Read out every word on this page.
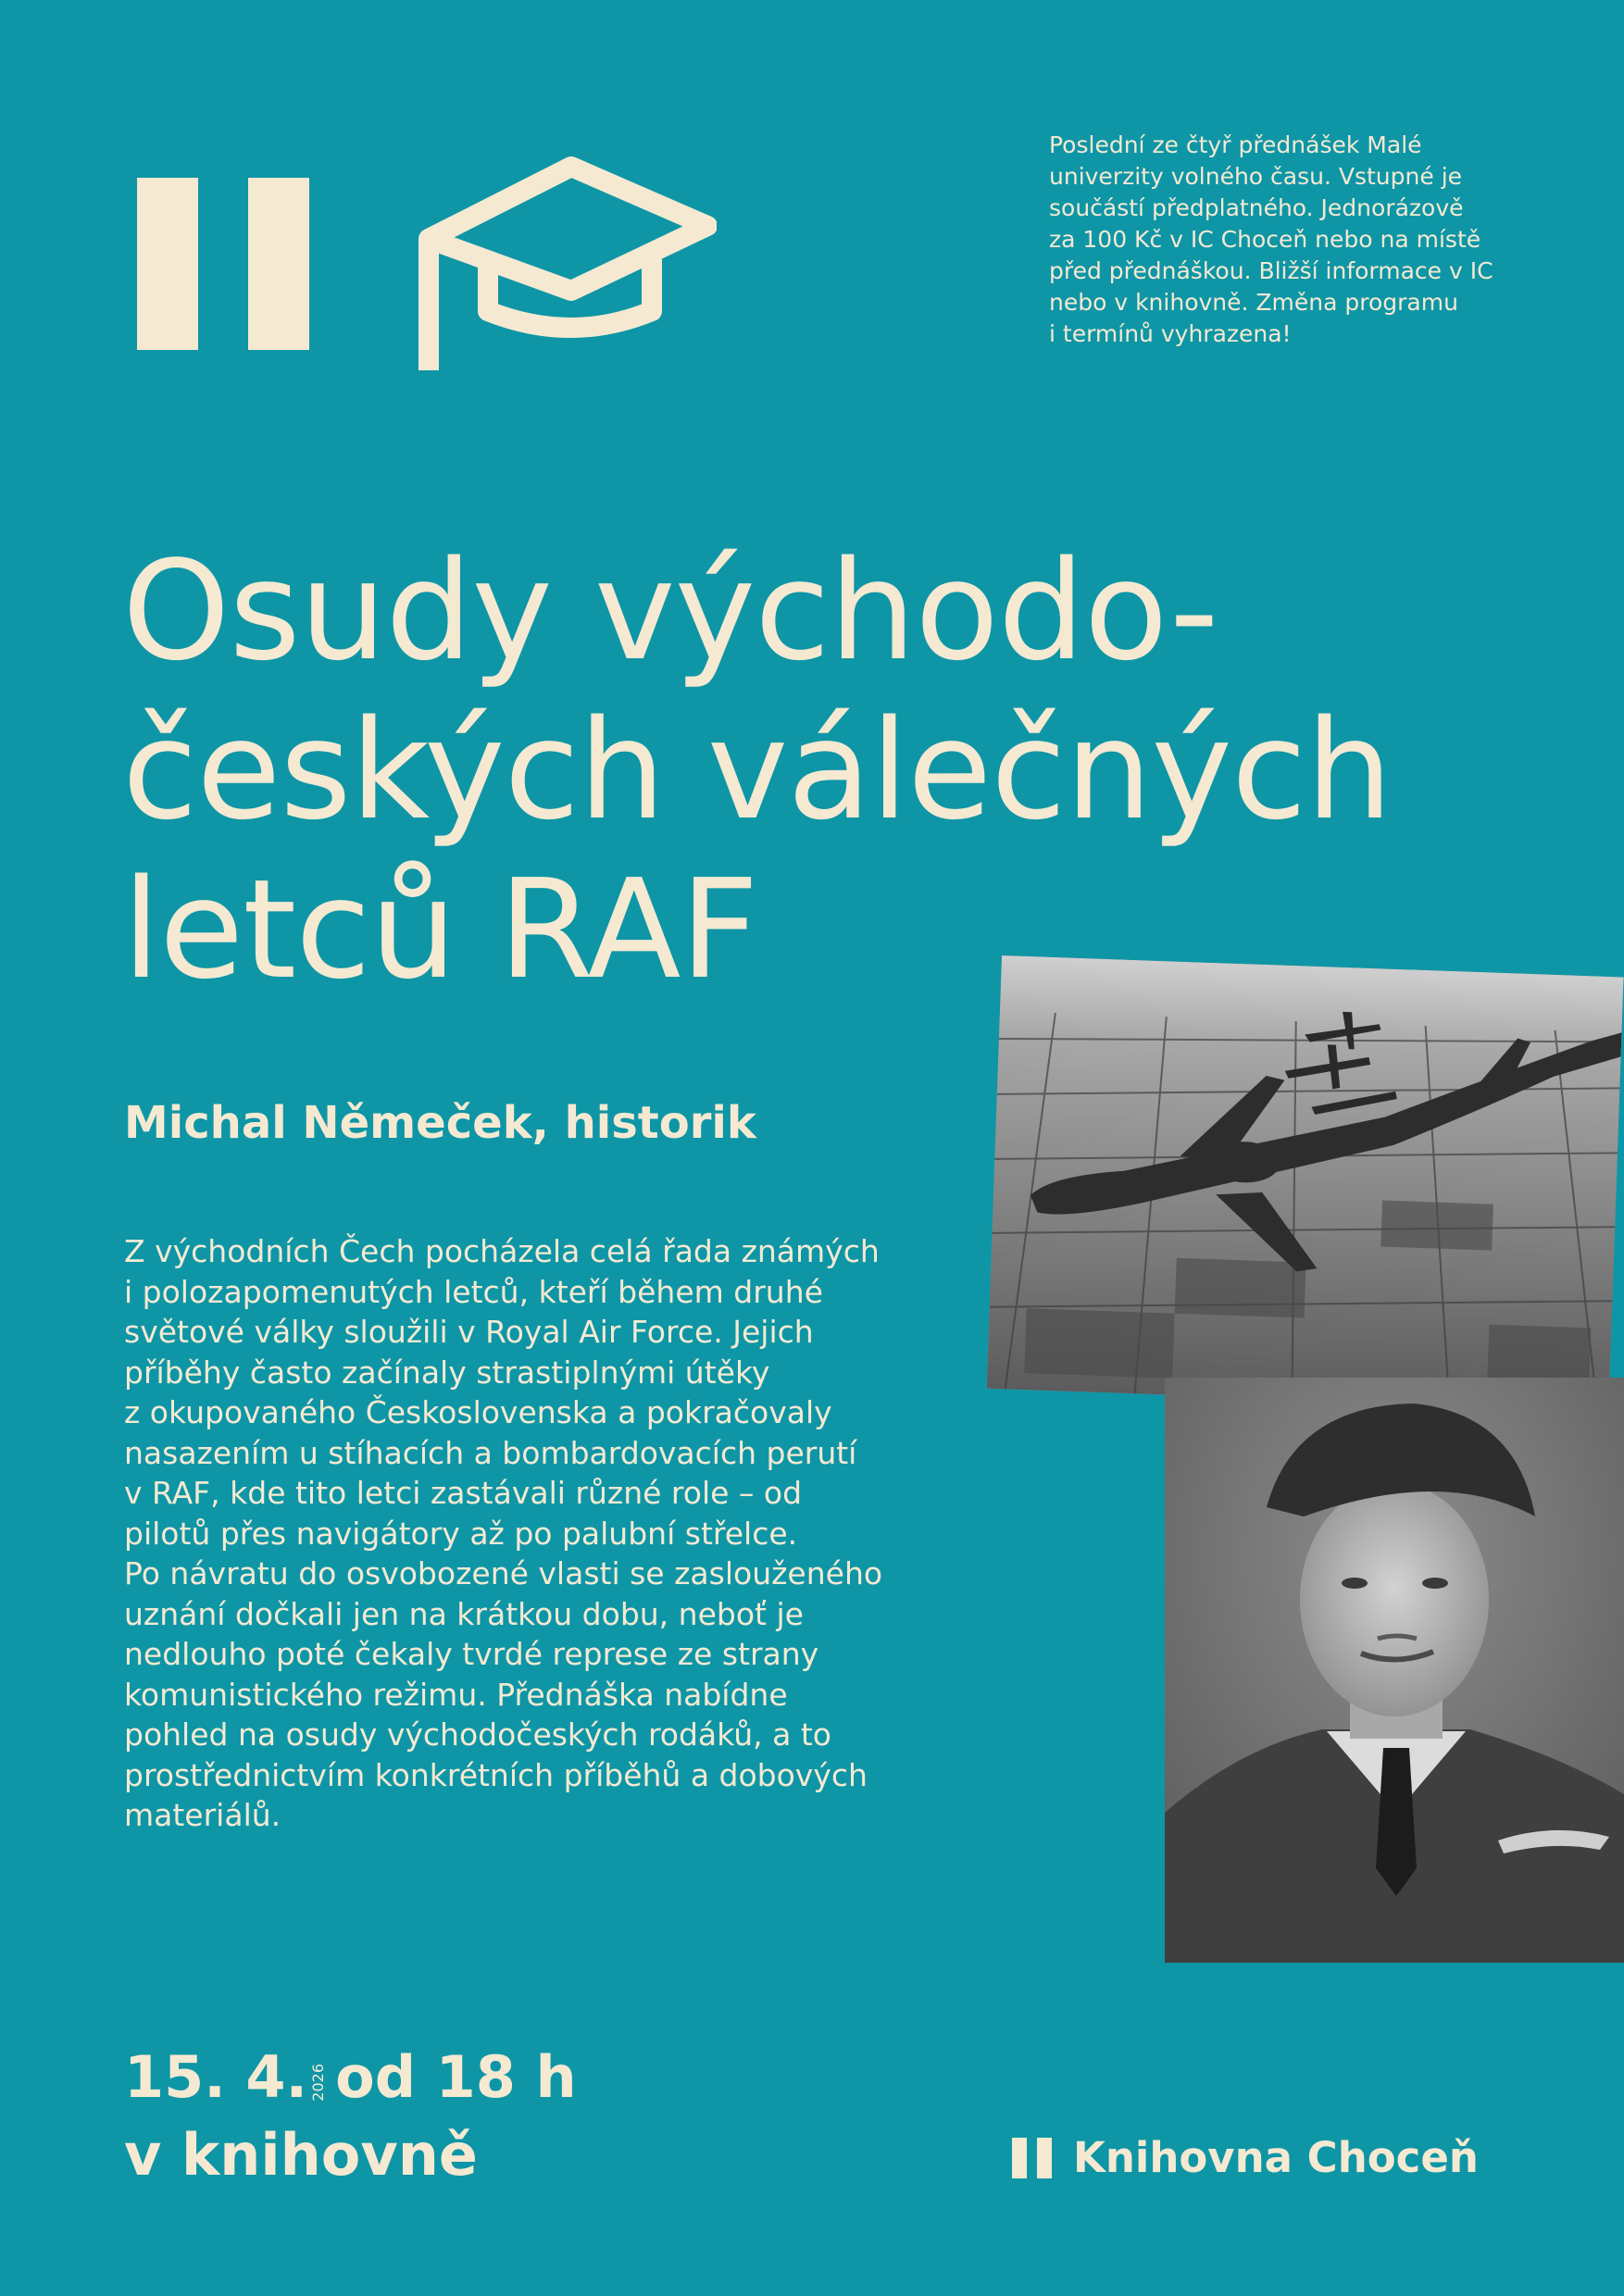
Poslední ze čtyř přednášek Malé
univerzity volného času. Vstupné je
součástí předplatného. Jednorázově
za 100 Kč v IC Choceň nebo na místě
před přednáškou. Bližší informace v IC
nebo v knihovně. Změna programu
i termínů vyhrazena!
Osudy východo-
českých válečných
letců RAF
Michal Němeček, historik
Z východních Čech pocházela celá řada známých
i polozapomenutých letců, kteří během druhé
světové války sloužili v Royal Air Force. Jejich
příběhy často začínaly strastiplnými útěky
z okupovaného Československa a pokračovaly
nasazením u stíhacích a bombardovacích perutí
v RAF, kde tito letci zastávali různé role – od
pilotů přes navigátory až po palubní střelce.
Po návratu do osvobozené vlasti se zaslouženého
uznání dočkali jen na krátkou dobu, neboť je
nedlouho poté čekaly tvrdé represe ze strany
komunistického režimu. Přednáška nabídne
pohled na osudy východočeských rodáků, a to
prostřednictvím konkrétních příběhů a dobových
materiálů.
15. 4. 2026 od 18 h
v knihovně	Knihovna Choceň
